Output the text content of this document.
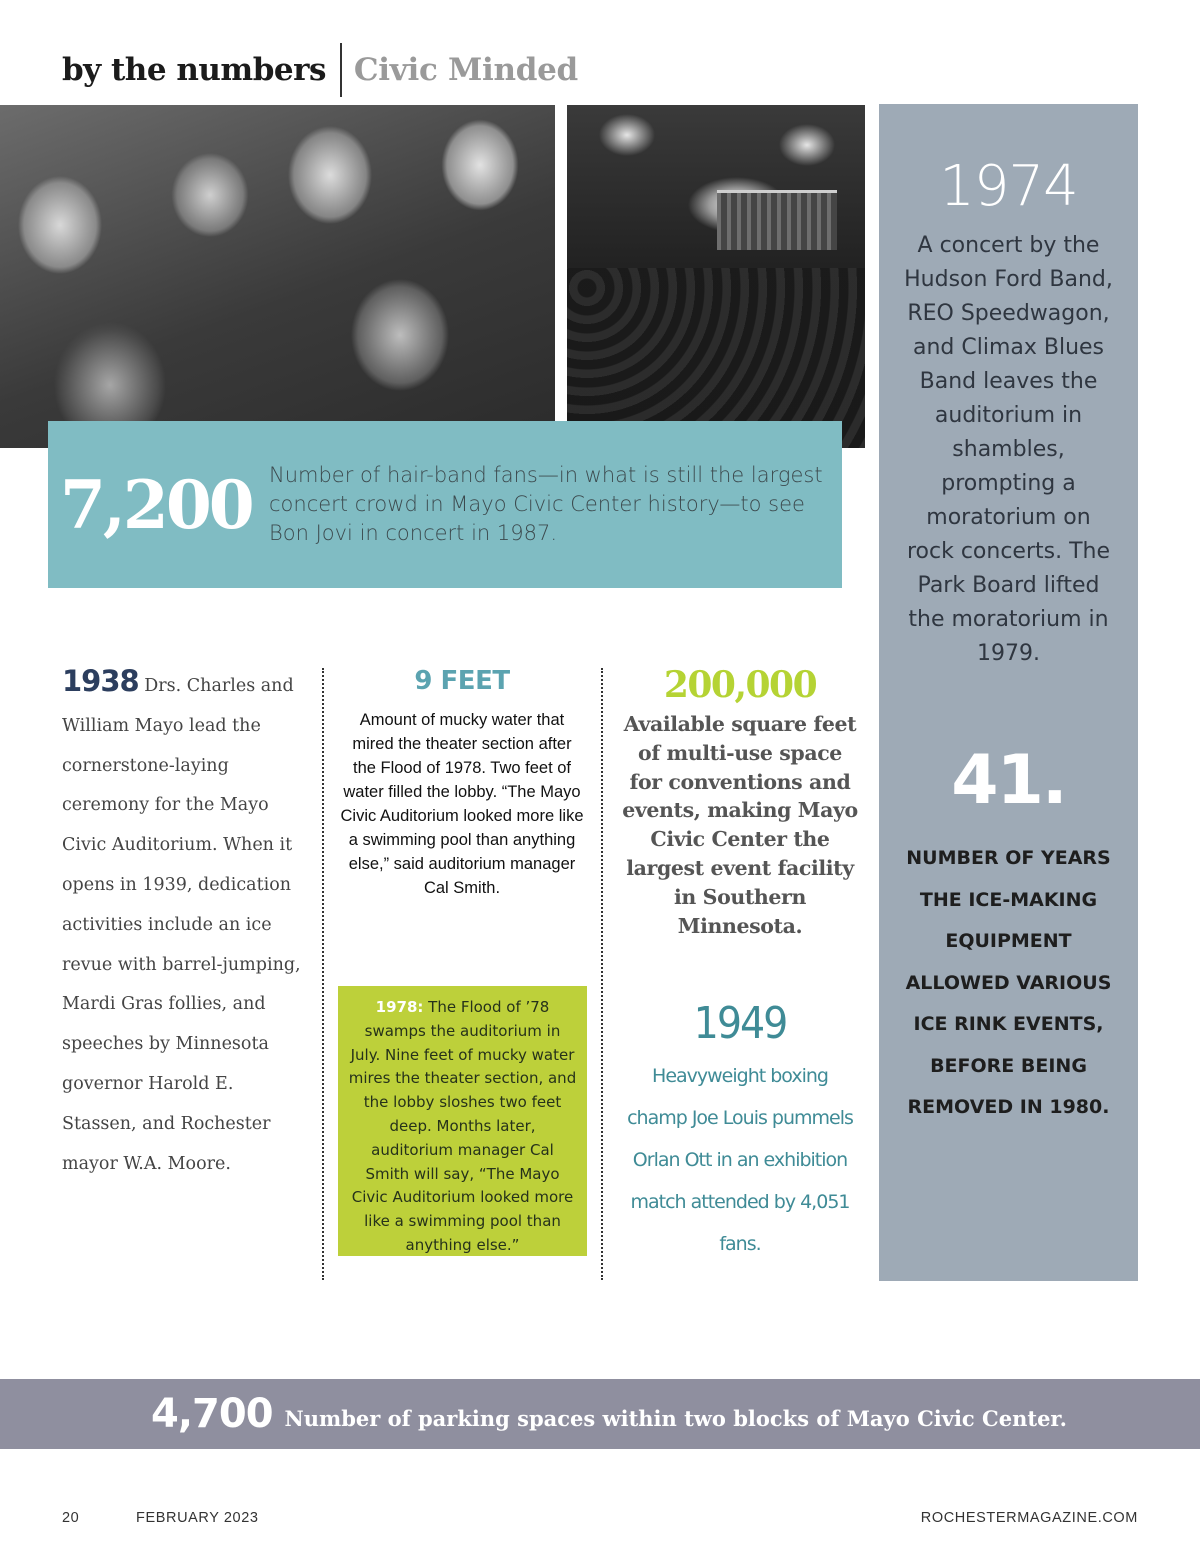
by the numbers Civic Minded
7,200 Number of hair-band fans—in what is still the largest concert crowd in Mayo Civic Center history—to see Bon Jovi in concert in 1987.
1974
A concert by the Hudson Ford Band, REO Speedwagon, and Climax Blues Band leaves the auditorium in shambles, prompting a moratorium on rock concerts. The Park Board lifted the moratorium in 1979.
41.
NUMBER OF YEARS THE ICE-MAKING EQUIPMENT ALLOWED VARIOUS ICE RINK EVENTS, BEFORE BEING REMOVED IN 1980.

1938 Drs. Charles and William Mayo lead the cornerstone-laying ceremony for the Mayo Civic Auditorium. When it opens in 1939, dedication activities include an ice revue with barrel-jumping, Mardi Gras follies, and speeches by Minnesota governor Harold E. Stassen, and Rochester mayor W.A. Moore.

9 FEET
Amount of mucky water that mired the theater section after the Flood of 1978. Two feet of water filled the lobby. “The Mayo Civic Auditorium looked more like a swimming pool than anything else,” said auditorium manager Cal Smith.
1978: The Flood of ’78 swamps the auditorium in July. Nine feet of mucky water mires the theater section, and the lobby sloshes two feet deep. Months later, auditorium manager Cal Smith will say, “The Mayo Civic Auditorium looked more like a swimming pool than anything else.”
200,000
Available square feet of multi-use space for conventions and events, making Mayo Civic Center the largest event facility in Southern Minnesota.
1949
Heavyweight boxing champ Joe Louis pummels Orlan Ott in an exhibition match attended by 4,051 fans.
4,700 Number of parking spaces within two blocks of Mayo Civic Center.
20	FEBRUARY 2023	ROCHESTERMAGAZINE.COM
